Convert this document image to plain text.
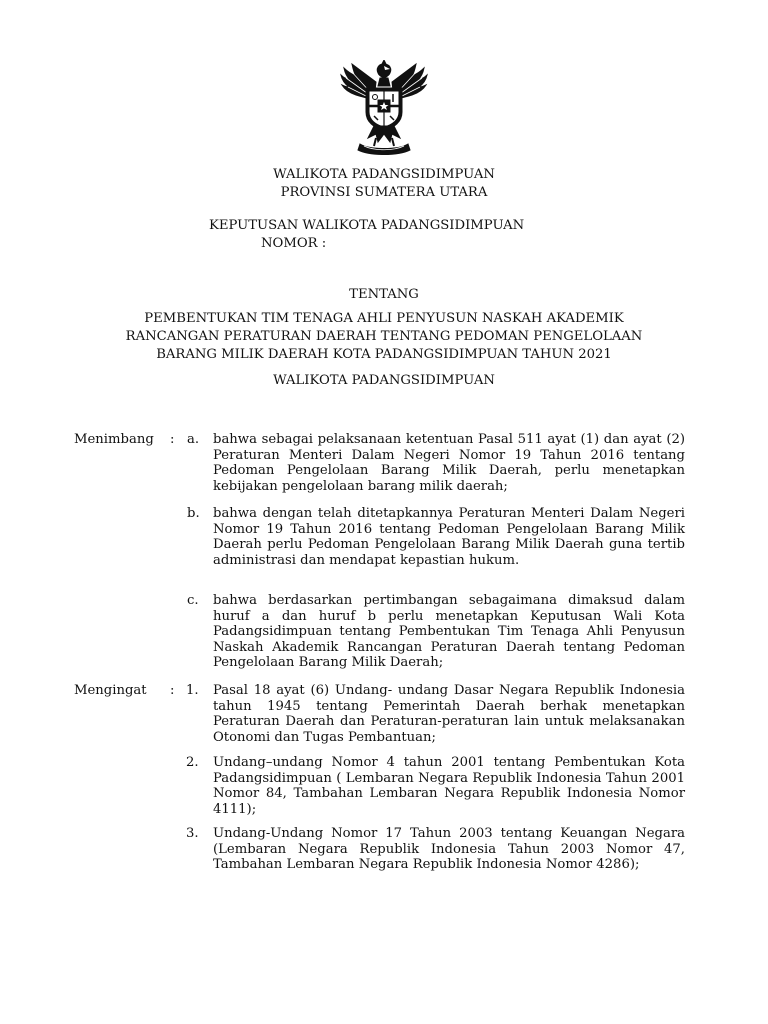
WALIKOTA PADANGSIDIMPUAN
PROVINSI SUMATERA UTARA
KEPUTUSAN WALIKOTA PADANGSIDIMPUAN
NOMOR :
TENTANG
PEMBENTUKAN TIM TENAGA AHLI PENYUSUN NASKAH AKADEMIK
RANCANGAN PERATURAN DAERAH TENTANG PEDOMAN PENGELOLAAN
BARANG MILIK DAERAH KOTA PADANGSIDIMPUAN TAHUN 2021
WALIKOTA PADANGSIDIMPUAN
Menimbang : a. bahwa sebagai pelaksanaan ketentuan Pasal 511 ayat (1) dan ayat (2) Peraturan Menteri Dalam Negeri Nomor 19 Tahun 2016 tentang Pedoman Pengelolaan Barang Milik Daerah, perlu menetapkan kebijakan pengelolaan barang milik daerah;
b. bahwa dengan telah ditetapkannya Peraturan Menteri Dalam Negeri Nomor 19 Tahun 2016 tentang Pedoman Pengelolaan Barang Milik Daerah perlu Pedoman Pengelolaan Barang Milik Daerah guna tertib administrasi dan mendapat kepastian hukum.
c. bahwa berdasarkan pertimbangan sebagaimana dimaksud dalam huruf a dan huruf b perlu menetapkan Keputusan Wali Kota Padangsidimpuan tentang Pembentukan Tim Tenaga Ahli Penyusun Naskah Akademik Rancangan Peraturan Daerah tentang Pedoman Pengelolaan Barang Milik Daerah;
Mengingat : 1. Pasal 18 ayat (6) Undang- undang Dasar Negara Republik Indonesia tahun 1945 tentang Pemerintah Daerah berhak menetapkan Peraturan Daerah dan Peraturan-peraturan lain untuk melaksanakan Otonomi dan Tugas Pembantuan;
2. Undang–undang Nomor 4 tahun 2001 tentang Pembentukan Kota Padangsidimpuan ( Lembaran Negara Republik Indonesia Tahun 2001 Nomor 84, Tambahan Lembaran Negara Republik Indonesia Nomor 4111);
3. Undang-Undang Nomor 17 Tahun 2003 tentang Keuangan Negara (Lembaran Negara Republik Indonesia Tahun 2003 Nomor 47, Tambahan Lembaran Negara Republik Indonesia Nomor 4286);
